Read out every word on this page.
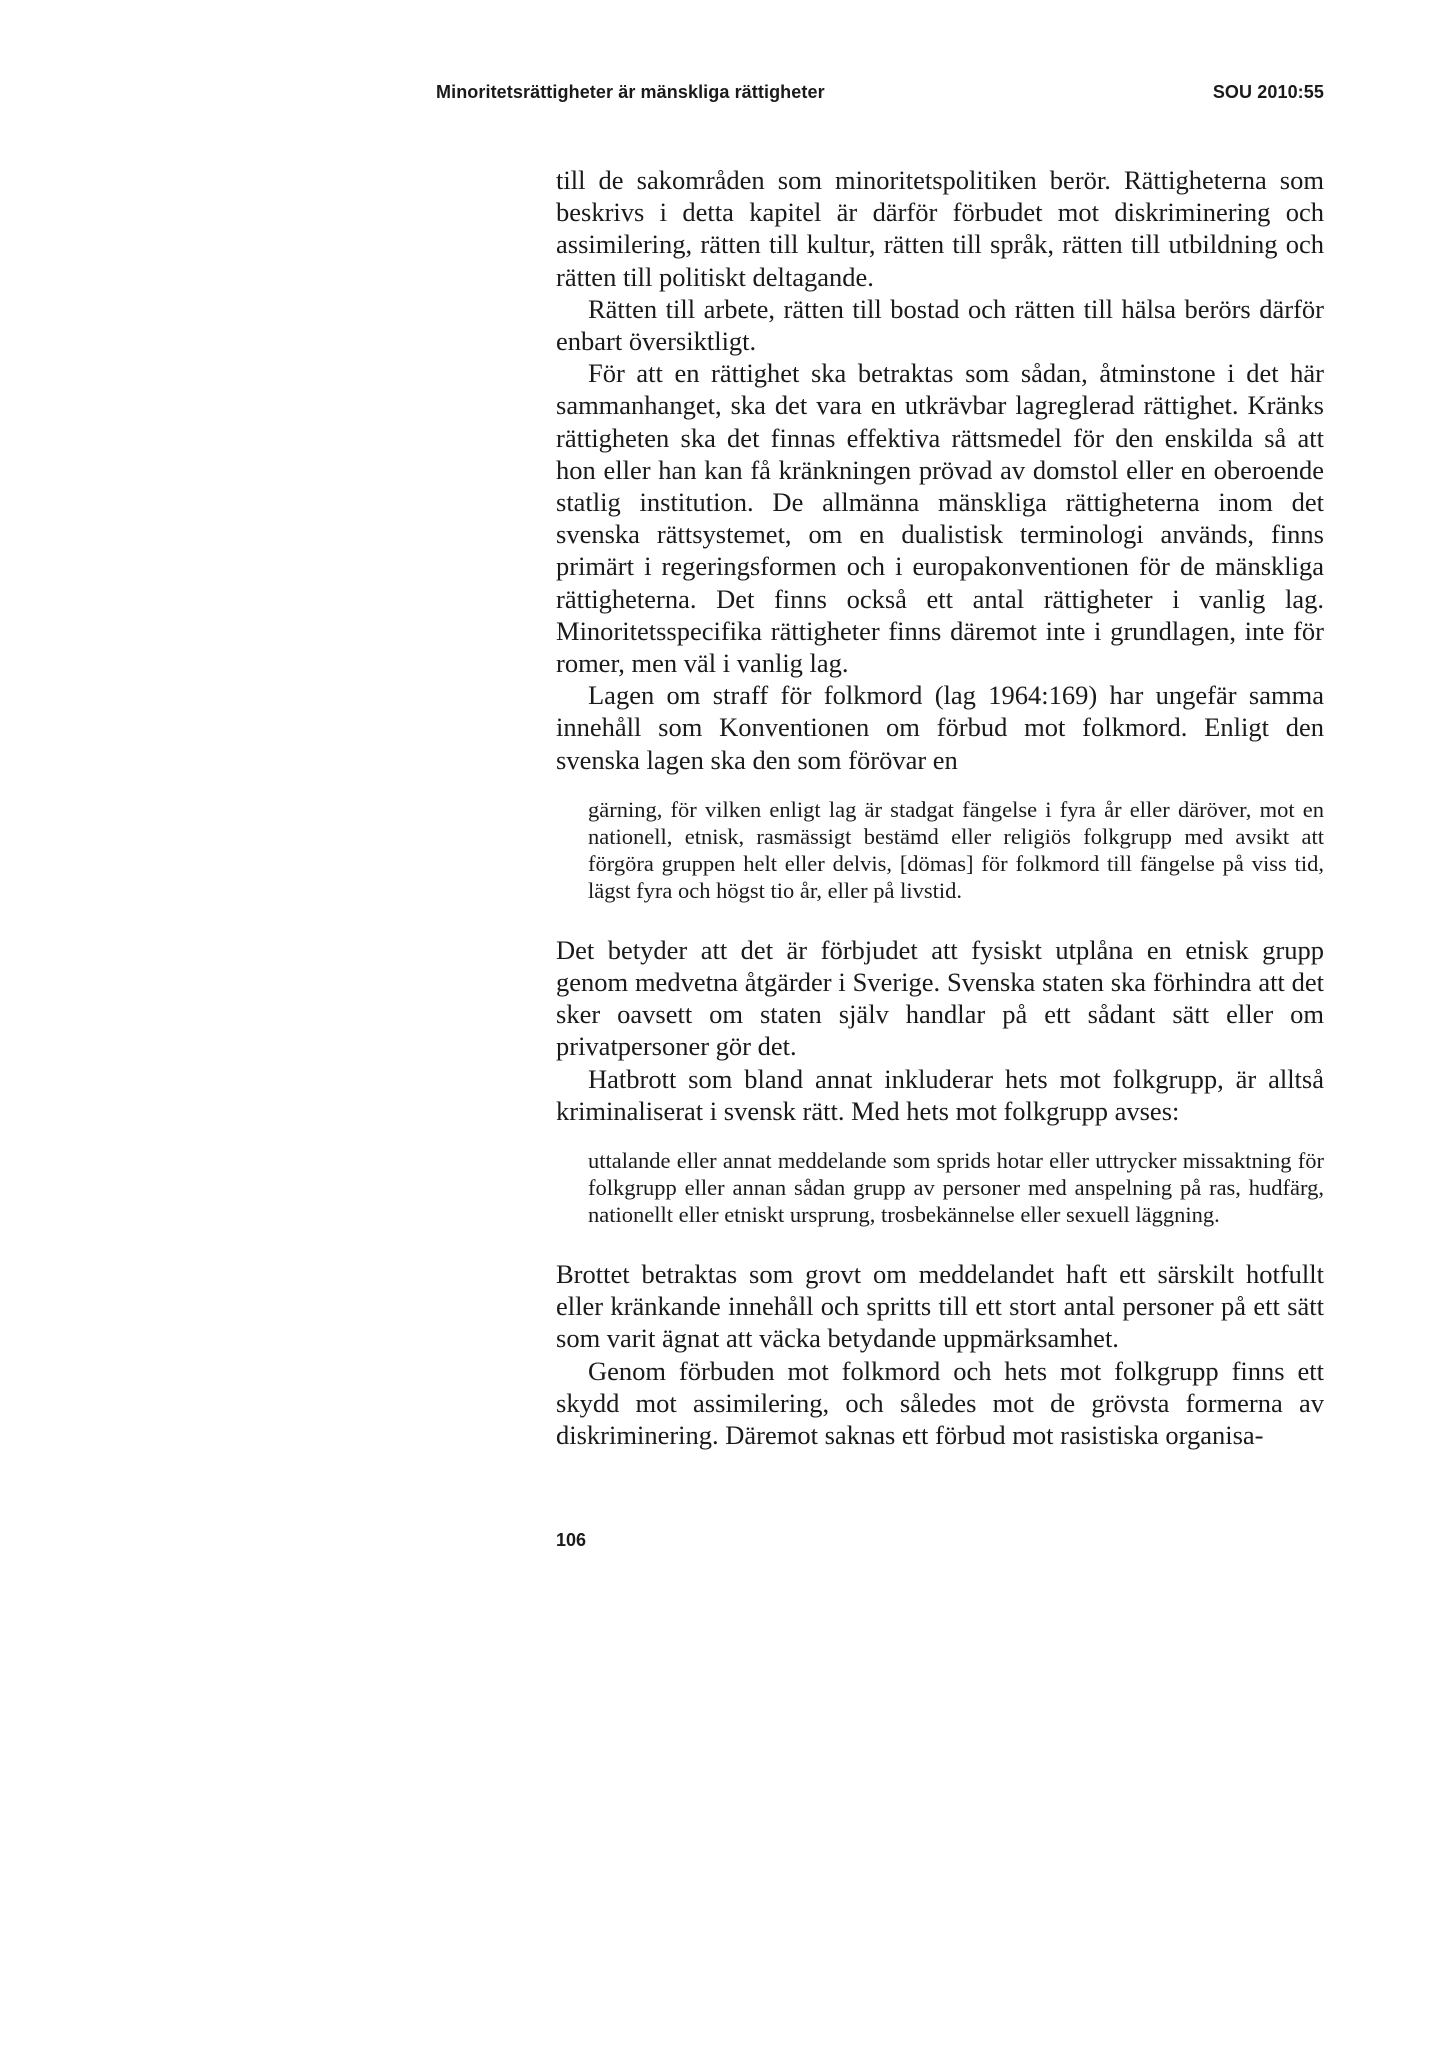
Minoritetsrättigheter är mänskliga rättigheter	SOU 2010:55

till de sakområden som minoritetspolitiken berör. Rättigheterna som beskrivs i detta kapitel är därför förbudet mot diskriminering och assimilering, rätten till kultur, rätten till språk, rätten till utbildning och rätten till politiskt deltagande.

Rätten till arbete, rätten till bostad och rätten till hälsa berörs därför enbart översiktligt.

För att en rättighet ska betraktas som sådan, åtminstone i det här sammanhanget, ska det vara en utkrävbar lagreglerad rättighet. Kränks rättigheten ska det finnas effektiva rättsmedel för den enskilda så att hon eller han kan få kränkningen prövad av domstol eller en oberoende statlig institution. De allmänna mänskliga rättigheterna inom det svenska rättsystemet, om en dualistisk terminologi används, finns primärt i regeringsformen och i europakonventionen för de mänskliga rättigheterna. Det finns också ett antal rättigheter i vanlig lag. Minoritetsspecifika rättigheter finns däremot inte i grundlagen, inte för romer, men väl i vanlig lag.

Lagen om straff för folkmord (lag 1964:169) har ungefär samma innehåll som Konventionen om förbud mot folkmord. Enligt den svenska lagen ska den som förövar en

gärning, för vilken enligt lag är stadgat fängelse i fyra år eller däröver, mot en nationell, etnisk, rasmässigt bestämd eller religiös folkgrupp med avsikt att förgöra gruppen helt eller delvis, [dömas] för folkmord till fängelse på viss tid, lägst fyra och högst tio år, eller på livstid.

Det betyder att det är förbjudet att fysiskt utplåna en etnisk grupp genom medvetna åtgärder i Sverige. Svenska staten ska förhindra att det sker oavsett om staten själv handlar på ett sådant sätt eller om privatpersoner gör det.

Hatbrott som bland annat inkluderar hets mot folkgrupp, är alltså kriminaliserat i svensk rätt. Med hets mot folkgrupp avses:

uttalande eller annat meddelande som sprids hotar eller uttrycker missaktning för folkgrupp eller annan sådan grupp av personer med anspelning på ras, hudfärg, nationellt eller etniskt ursprung, trosbekännelse eller sexuell läggning.

Brottet betraktas som grovt om meddelandet haft ett särskilt hotfullt eller kränkande innehåll och spritts till ett stort antal personer på ett sätt som varit ägnat att väcka betydande uppmärksamhet.

Genom förbuden mot folkmord och hets mot folkgrupp finns ett skydd mot assimilering, och således mot de grövsta formerna av diskriminering. Däremot saknas ett förbud mot rasistiska organisa-

106
